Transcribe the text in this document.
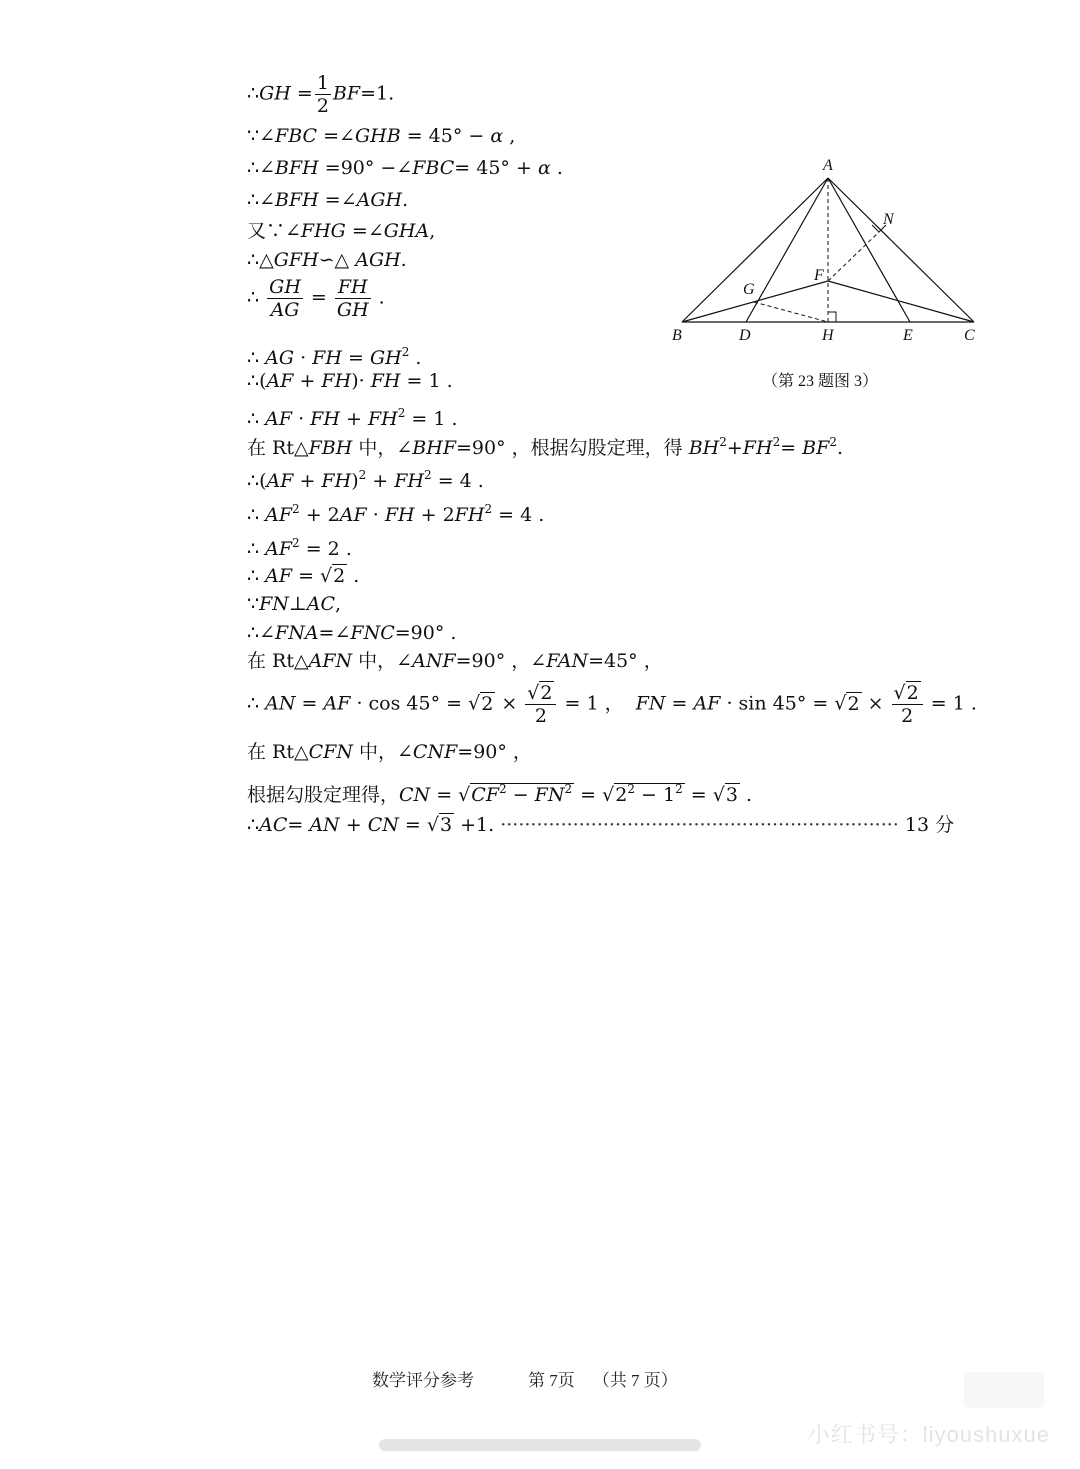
∴GH = $\frac{1}{2} BF=1$.
∵∠FBC =∠GHB = 45° − α ,
∴∠BFH =90° −∠FBC= 45° + α .
∴∠BFH =∠AGH.
又∵∠FHG =∠GHA,
∴△GFH∽△ AGH.
∴ $\frac{GH}{AG} = \frac{FH}{GH}$ .
∴ AG · FH = $GH^2$ .
∴(AF + FH)· FH = 1 .
∴ AF · FH + $FH^2 = 1$ .
在 Rt△FBH 中，∠BHF=90° ，根据勾股定理，得 $BH^2+FH^2= BF^2$.
∴(AF + $FH)^2 + FH^2 = 4$ .
∴ $AF^2 + 2AF$ · FH + $2FH^2 = 4$ .
∴ $AF^2 = 2$ .
∴ AF = √2 .
∵FN⊥AC,
∴∠FNA=∠FNC=90° .
在 Rt△AFN 中，∠ANF=90° ，∠FAN=45° ，
∴ AN = AF · $\cos 45^\circ = √2 \times \frac{√2}{2} = 1$ ，  FN = AF · $\sin 45^\circ = √2 \times \frac{√2}{2} = 1$ .
在 Rt△CFN 中，∠CNF=90° ，
根据勾股定理得，CN = $√CF^2 - FN^2 = √2^2 - 1^2 = √3$ .
∴AC= AN + CN = √3 +1. ·································································· 13 分
A
N
F
G
B	D	H	E	C
（第 23 题图 3）
数学评分参考	第 7页 （共 7 页）
小红书号：liyoushuxue
